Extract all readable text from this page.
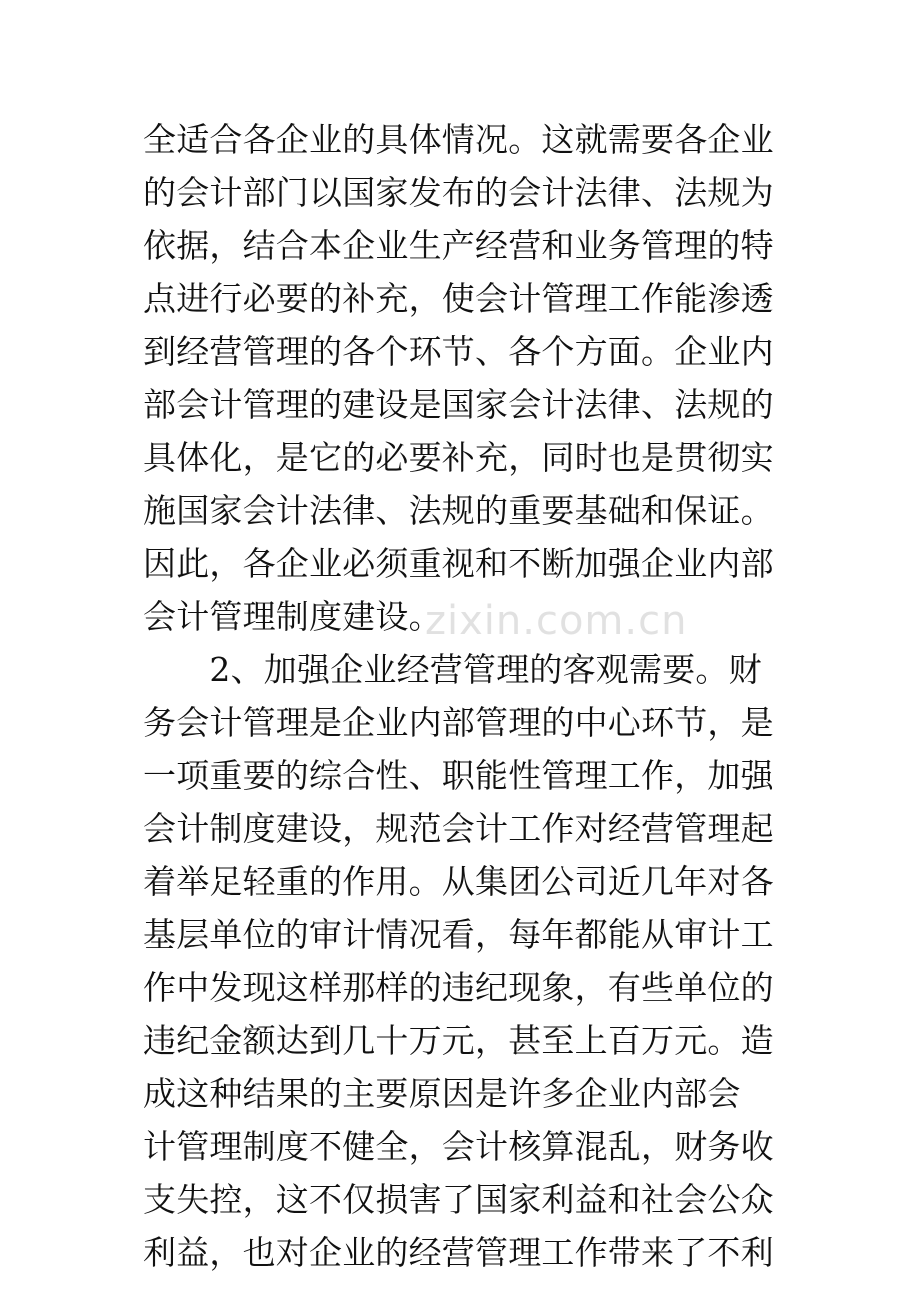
全适合各企业的具体情况。这就需要各企业
的会计部门以国家发布的会计法律、法规为
依据，结合本企业生产经营和业务管理的特
点进行必要的补充，使会计管理工作能渗透
到经营管理的各个环节、各个方面。企业内
部会计管理的建设是国家会计法律、法规的
具体化，是它的必要补充，同时也是贯彻实
施国家会计法律、法规的重要基础和保证。
因此，各企业必须重视和不断加强企业内部
会计管理制度建设。
　　2、加强企业经营管理的客观需要。财
务会计管理是企业内部管理的中心环节，是
一项重要的综合性、职能性管理工作，加强
会计制度建设，规范会计工作对经营管理起
着举足轻重的作用。从集团公司近几年对各
基层单位的审计情况看，每年都能从审计工
作中发现这样那样的违纪现象，有些单位的
违纪金额达到几十万元，甚至上百万元。造
成这种结果的主要原因是许多企业内部会
计管理制度不健全，会计核算混乱，财务收
支失控，这不仅损害了国家利益和社会公众
利益，也对企业的经营管理工作带来了不利
zixin.com.cn
